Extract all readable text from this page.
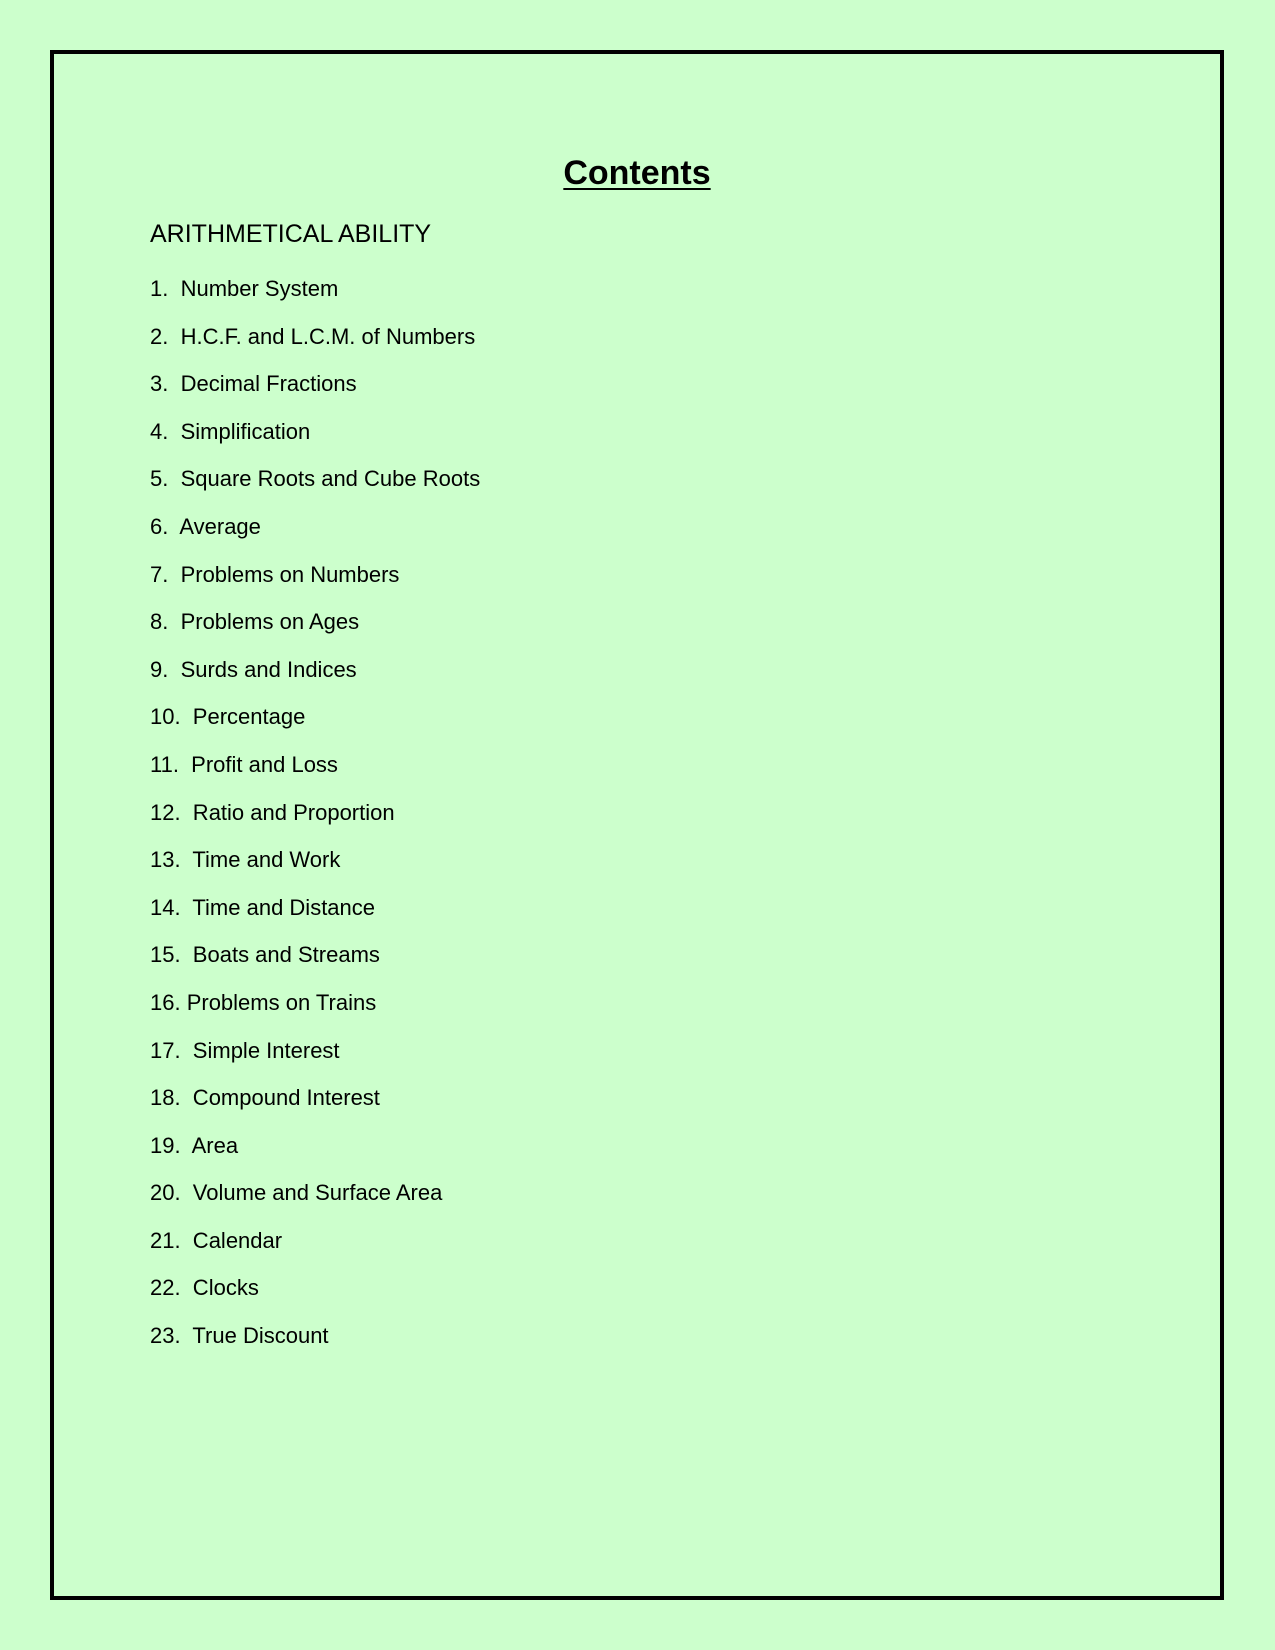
Contents
ARITHMETICAL ABILITY
1.  Number System
2.  H.C.F. and L.C.M. of Numbers
3.  Decimal Fractions
4.  Simplification
5.  Square Roots and Cube Roots
6.  Average
7.  Problems on Numbers
8.  Problems on Ages
9.  Surds and Indices
10.  Percentage
11.  Profit and Loss
12.  Ratio and Proportion
13.  Time and Work
14.  Time and Distance
15.  Boats and Streams
16. Problems on Trains
17.  Simple Interest
18.  Compound Interest
19.  Area
20.  Volume and Surface Area
21.  Calendar
22.  Clocks
23.  True Discount
